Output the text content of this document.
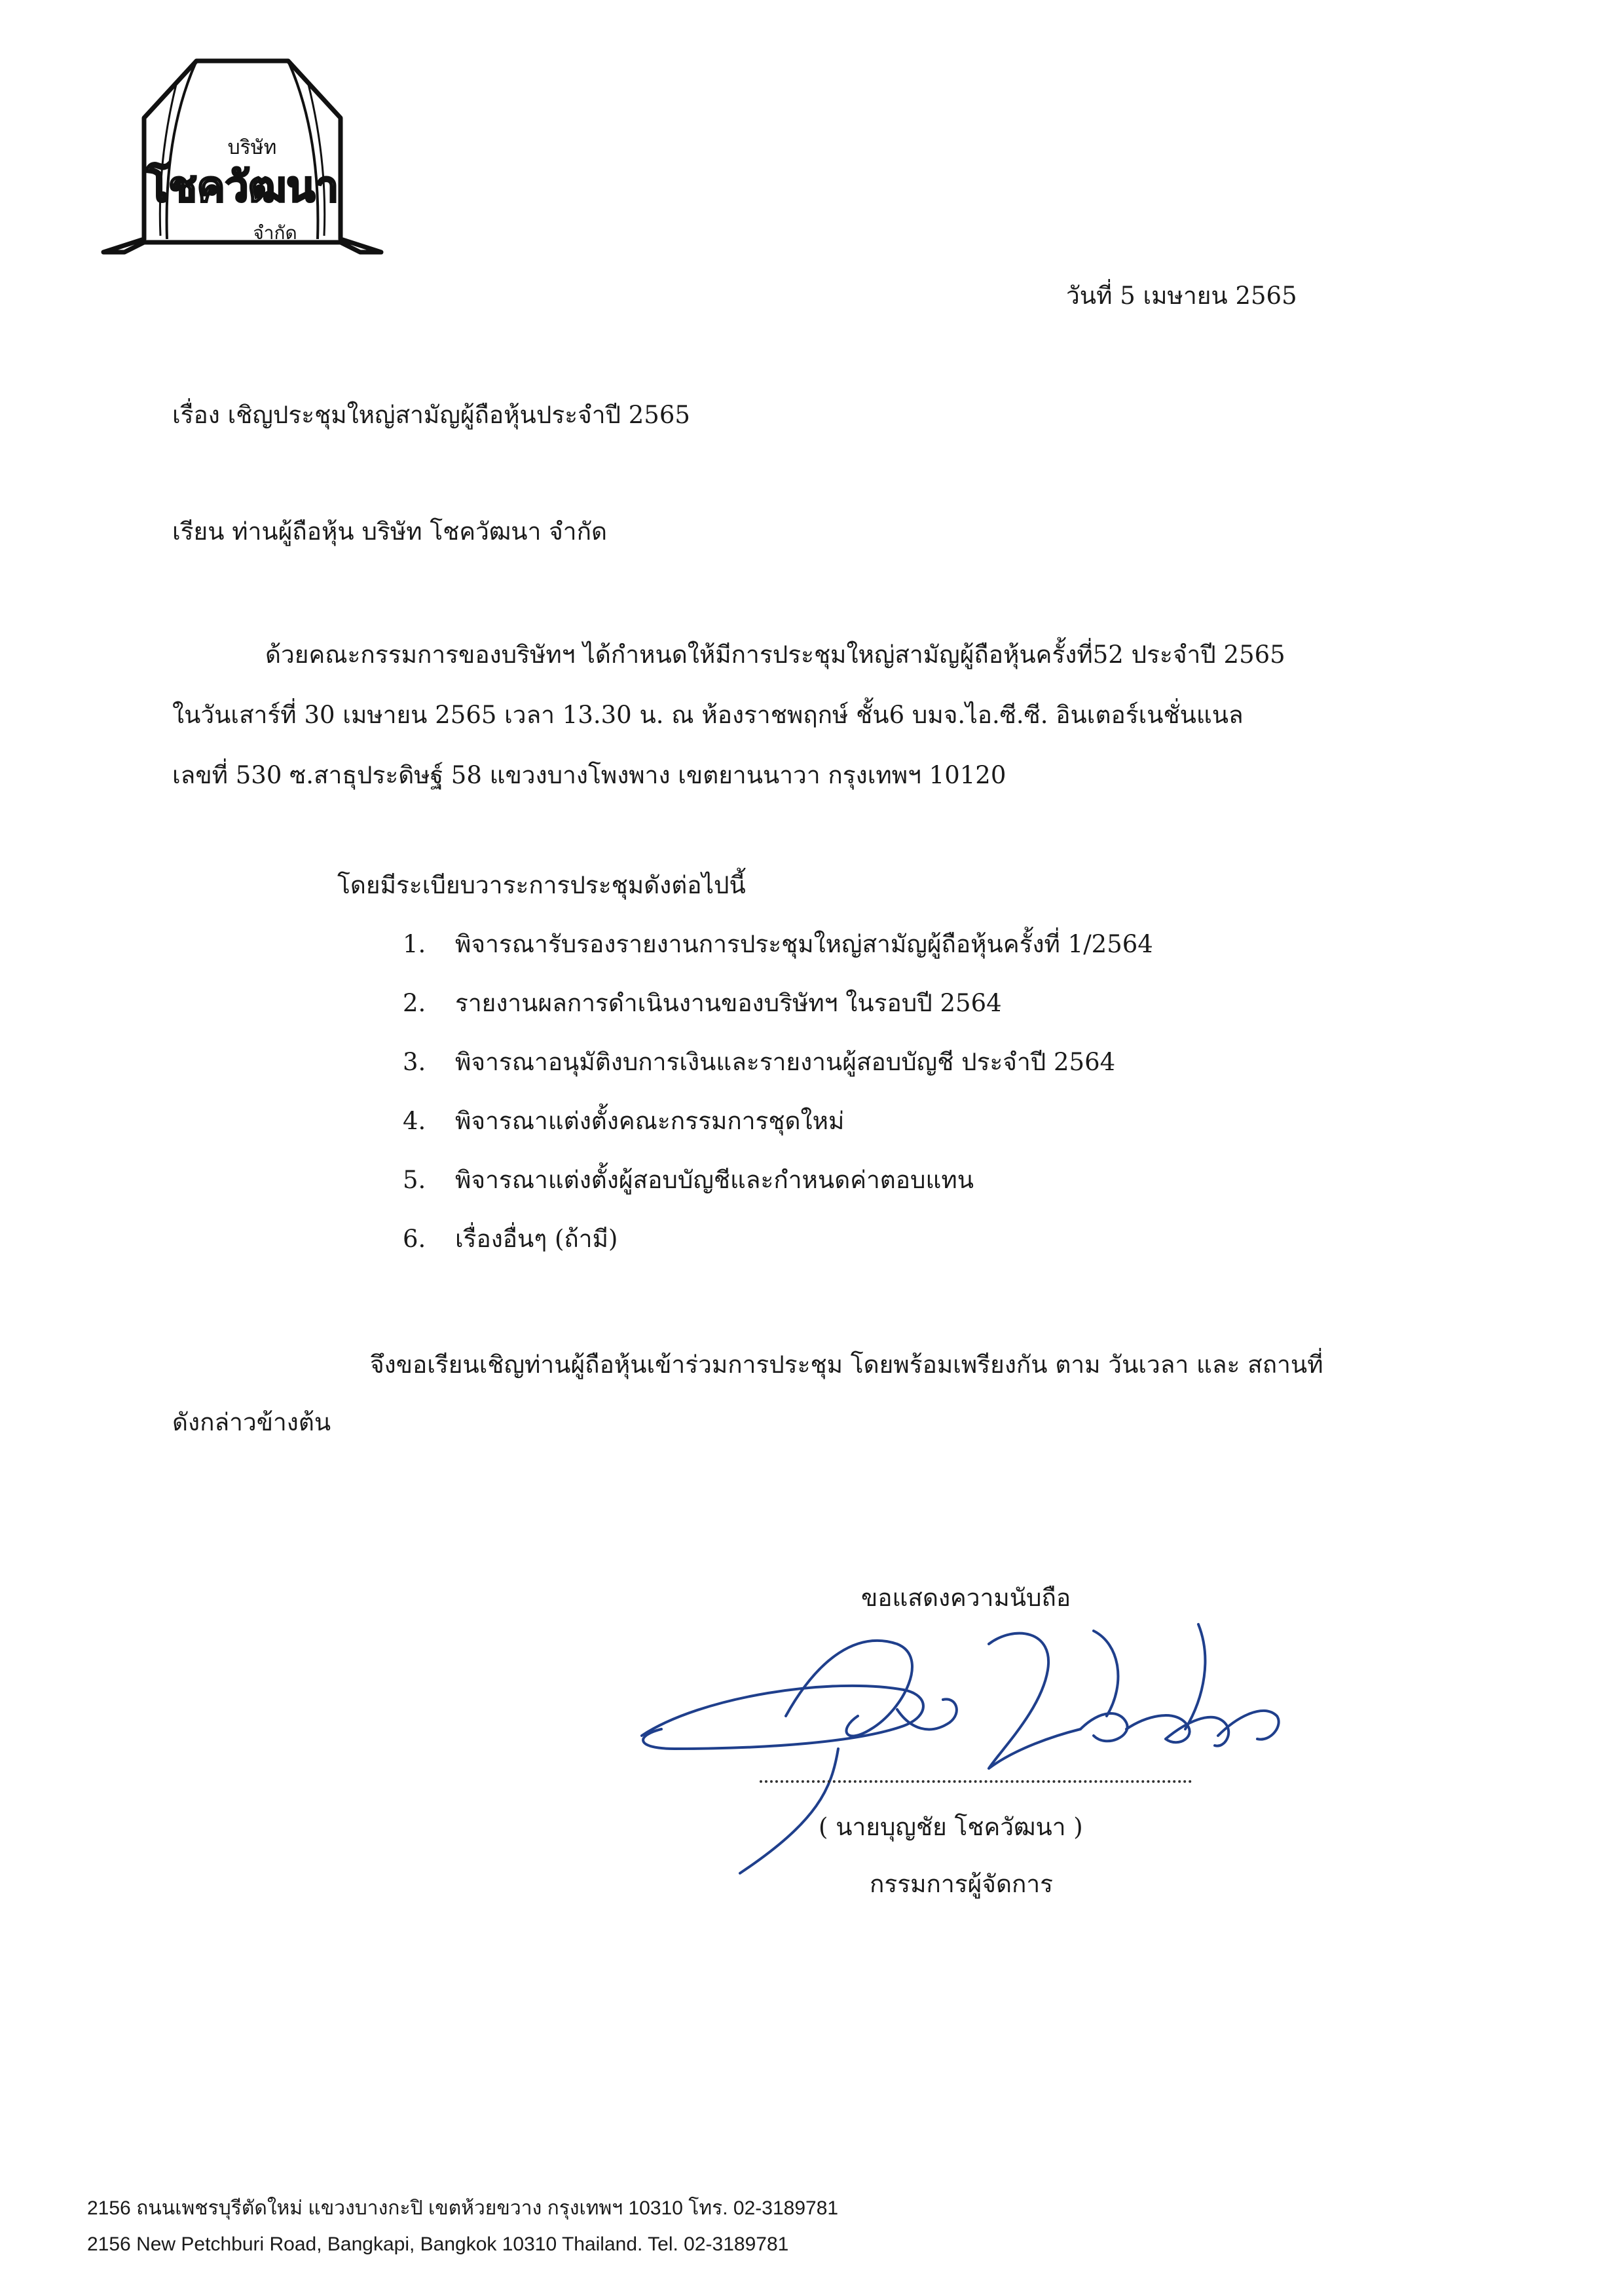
บริษัท
โชควัฒนา
จำกัด
วันที่ 5 เมษายน 2565
เรื่อง เชิญประชุมใหญ่สามัญผู้ถือหุ้นประจำปี 2565
เรียน ท่านผู้ถือหุ้น บริษัท โชควัฒนา จำกัด
ด้วยคณะกรรมการของบริษัทฯ ได้กำหนดให้มีการประชุมใหญ่สามัญผู้ถือหุ้นครั้งที่52 ประจำปี 2565
ในวันเสาร์ที่ 30 เมษายน 2565 เวลา 13.30 น. ณ ห้องราชพฤกษ์ ชั้น6 บมจ.ไอ.ซี.ซี. อินเตอร์เนชั่นแนล
เลขที่ 530 ซ.สาธุประดิษฐ์ 58 แขวงบางโพงพาง เขตยานนาวา กรุงเทพฯ 10120
โดยมีระเบียบวาระการประชุมดังต่อไปนี้
1.	พิจารณารับรองรายงานการประชุมใหญ่สามัญผู้ถือหุ้นครั้งที่ 1/2564
2.	รายงานผลการดำเนินงานของบริษัทฯ ในรอบปี 2564
3.	พิจารณาอนุมัติงบการเงินและรายงานผู้สอบบัญชี ประจำปี 2564
4.	พิจารณาแต่งตั้งคณะกรรมการชุดใหม่
5.	พิจารณาแต่งตั้งผู้สอบบัญชีและกำหนดค่าตอบแทน
6.	เรื่องอื่นๆ (ถ้ามี)
จึงขอเรียนเชิญท่านผู้ถือหุ้นเข้าร่วมการประชุม โดยพร้อมเพรียงกัน ตาม วันเวลา และ สถานที่
ดังกล่าวข้างต้น
ขอแสดงความนับถือ
( นายบุญชัย โชควัฒนา )
กรรมการผู้จัดการ
2156 ถนนเพชรบุรีตัดใหม่ แขวงบางกะปิ เขตห้วยขวาง กรุงเทพฯ 10310 โทร. 02-3189781
2156 New Petchburi Road, Bangkapi, Bangkok 10310 Thailand. Tel. 02-3189781
